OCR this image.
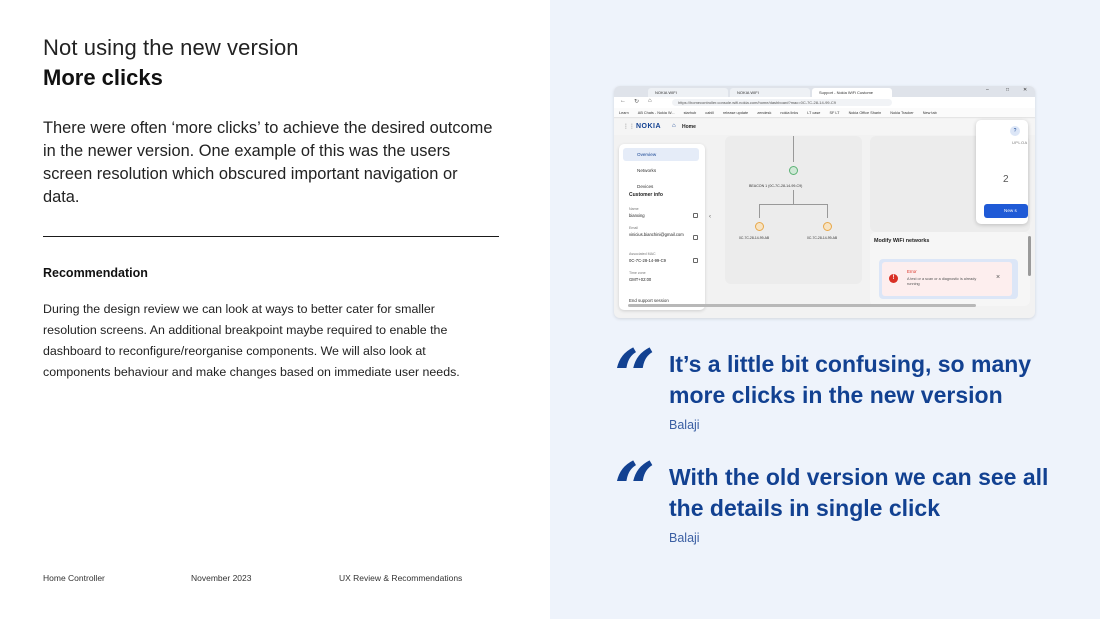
Not using the new version
More clicks

There were often ‘more clicks’ to achieve the desired outcome in the newer version. One example of this was the users screen resolution which obscured important navigation or data.

Recommendation

During the design review we can look at ways to better cater for smaller resolution screens. An additional breakpoint maybe required to enable the dashboard to reconfigure/reorganise components. We will also look at components behaviour and make changes based on immediate user needs.

Home Controller	November 2023	UX Review & Recommendations
NOKIA WIFI	NOKIA WIFI	Support - Nokia WiFi Custome	–	□	✕
← ↻ ⌂	https://homecontroller.console.wifi.nokia.com/home/dashboard?mac=0C-7C-28-14-99-C9
Learn AB Chats - Nokia W... starhub cahill release update zendesk nokia links LT case SF LT Nokia Office Sharin Nokia Tracker New tab
⋮⋮ NOKIA ⌂ Home
BEACON 1 (0C-7C-28-14-99-C9)
0C-7C-28-14-99-AB	0C-7C-28-14-99-AB	Modify WiFi networks
!
Error
A test or a scan or a diagnostic is already running
×
?
UPLOA
2
New s
Overview
Networks
Devices
Customer info
Name
bianxing
Email
vinicius.bianchini@gmail.com
Associated MAC
0C-7C-28-14-99-C9
Time zone
GMT+02:00
End support session
‹
“ It’s a little bit confusing, so many more clicks in the new version
Balaji
“ With the old version we can see all the details in single click
Balaji
